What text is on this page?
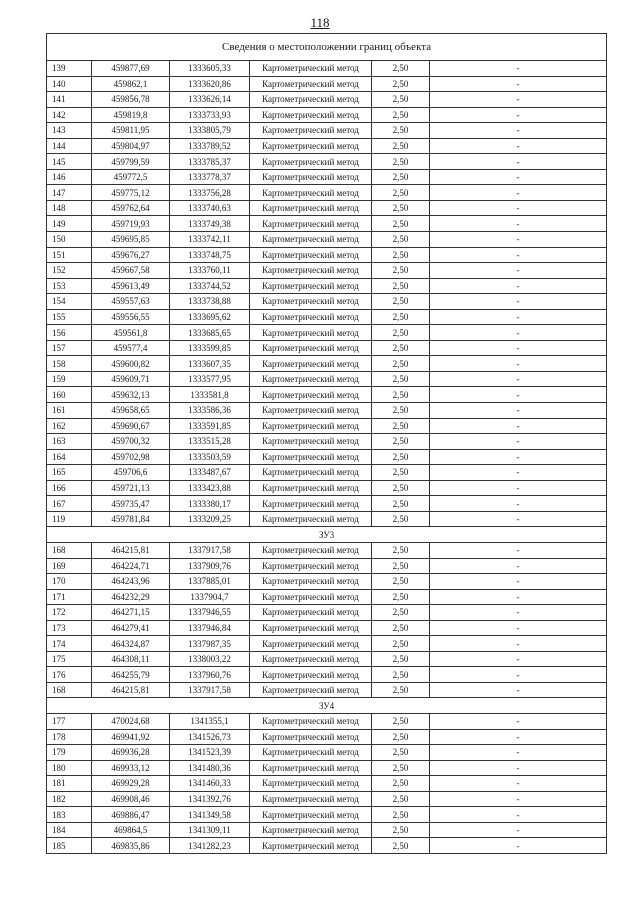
118
Сведения о местоположении границ объекта					
139	459877,69	1333605,33	Картометрический метод	2,50	-
140	459862,1	1333620,86	Картометрический метод	2,50	-
141	459856,78	1333626,14	Картометрический метод	2,50	-
142	459819,8	1333733,93	Картометрический метод	2,50	-
143	459811,95	1333805,79	Картометрический метод	2,50	-
144	459804,97	1333789,52	Картометрический метод	2,50	-
145	459799,59	1333785,37	Картометрический метод	2,50	-
146	459772,5	1333778,37	Картометрический метод	2,50	-
147	459775,12	1333756,28	Картометрический метод	2,50	-
148	459762,64	1333740,63	Картометрический метод	2,50	-
149	459719,93	1333749,38	Картометрический метод	2,50	-
150	459695,85	1333742,11	Картометрический метод	2,50	-
151	459676,27	1333748,75	Картометрический метод	2,50	-
152	459667,58	1333760,11	Картометрический метод	2,50	-
153	459613,49	1333744,52	Картометрический метод	2,50	-
154	459557,63	1333738,88	Картометрический метод	2,50	-
155	459556,55	1333695,62	Картометрический метод	2,50	-
156	459561,8	1333685,65	Картометрический метод	2,50	-
157	459577,4	1333599,85	Картометрический метод	2,50	-
158	459600,82	1333607,35	Картометрический метод	2,50	-
159	459609,71	1333577,95	Картометрический метод	2,50	-
160	459632,13	1333581,8	Картометрический метод	2,50	-
161	459658,65	1333586,36	Картометрический метод	2,50	-
162	459690,67	1333591,85	Картометрический метод	2,50	-
163	459700,32	1333515,28	Картометрический метод	2,50	-
164	459702,98	1333503,59	Картометрический метод	2,50	-
165	459706,6	1333487,67	Картометрический метод	2,50	-
166	459721,13	1333423,88	Картометрический метод	2,50	-
167	459735,47	1333380,17	Картометрический метод	2,50	-
119	459781,84	1333209,25	Картометрический метод	2,50	-
ЗУ3					
168	464215,81	1337917,58	Картометрический метод	2,50	-
169	464224,71	1337909,76	Картометрический метод	2,50	-
170	464243,96	1337885,01	Картометрический метод	2,50	-
171	464232,29	1337904,7	Картометрический метод	2,50	-
172	464271,15	1337946,55	Картометрический метод	2,50	-
173	464279,41	1337946,84	Картометрический метод	2,50	-
174	464324,87	1337987,35	Картометрический метод	2,50	-
175	464308,11	1338003,22	Картометрический метод	2,50	-
176	464255,79	1337960,76	Картометрический метод	2,50	-
168	464215,81	1337917,58	Картометрический метод	2,50	-
ЗУ4					
177	470024,68	1341355,1	Картометрический метод	2,50	-
178	469941,92	1341526,73	Картометрический метод	2,50	-
179	469936,28	1341523,39	Картометрический метод	2,50	-
180	469933,12	1341480,36	Картометрический метод	2,50	-
181	469929,28	1341460,33	Картометрический метод	2,50	-
182	469908,46	1341392,76	Картометрический метод	2,50	-
183	469886,47	1341349,58	Картометрический метод	2,50	-
184	469864,5	1341309,11	Картометрический метод	2,50	-
185	469835,86	1341282,23	Картометрический метод	2,50	-
